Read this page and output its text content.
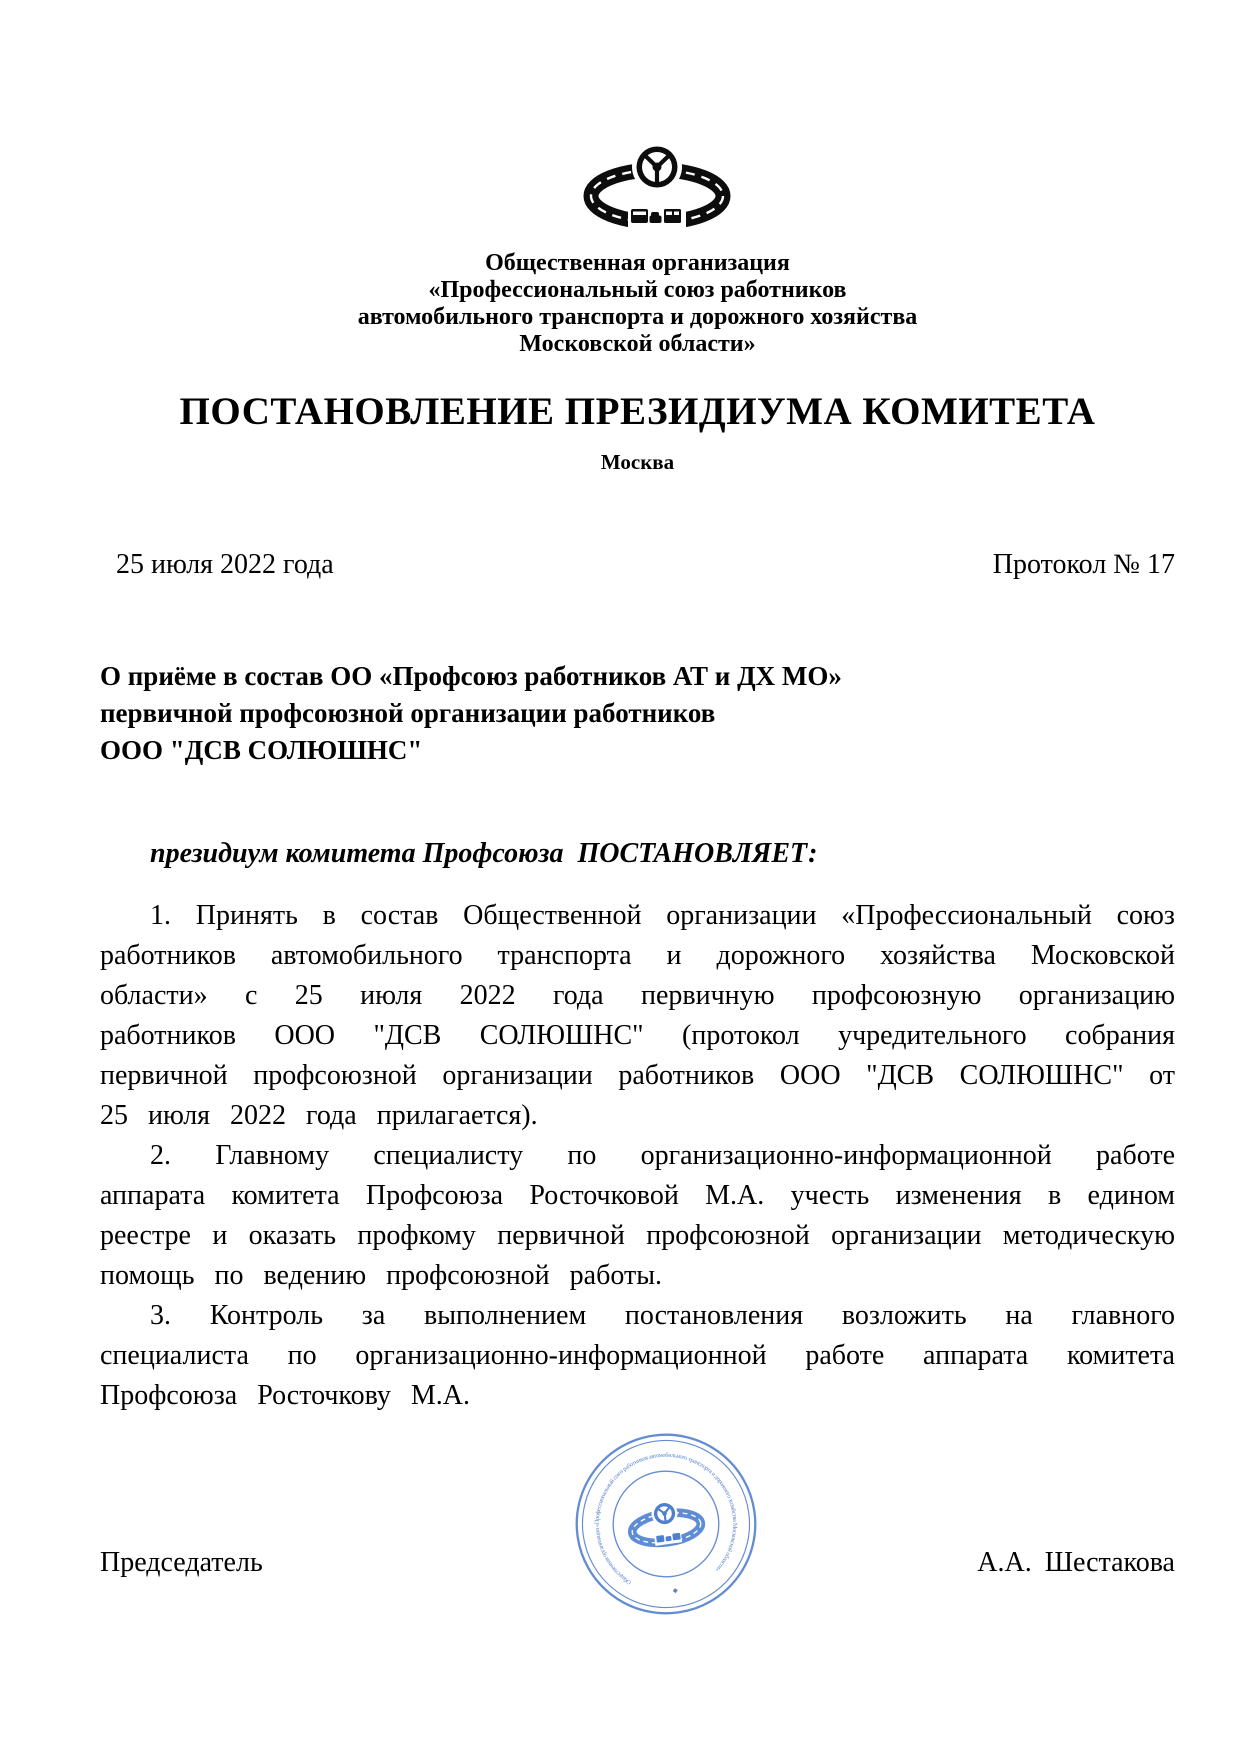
Общественная организация
«Профессиональный союз работников
автомобильного транспорта и дорожного хозяйства
Московской области»
ПОСТАНОВЛЕНИЕ ПРЕЗИДИУМА КОМИТЕТА
Москва
25 июля 2022 года	Протокол № 17
О приёме в состав ОО «Профсоюз работников АТ и ДХ МО»
первичной профсоюзной организации работников
ООО "ДСВ СОЛЮШНС"
президиум комитета Профсоюза  ПОСТАНОВЛЯЕТ:

1. Принять в состав Общественной организации «Профессиональный союз работников автомобильного транспорта и дорожного хозяйства Московской области» с 25 июля 2022 года первичную профсоюзную организацию работников ООО "ДСВ СОЛЮШНС" (протокол учредительного собрания первичной профсоюзной организации работников ООО "ДСВ СОЛЮШНС" от 25 июля 2022 года прилагается).

2. Главному специалисту по организационно-информационной работе аппарата комитета Профсоюза Росточковой М.А. учесть изменения в едином реестре и оказать профкому первичной профсоюзной организации методическую помощь по ведению профсоюзной работы.

3. Контроль за выполнением постановления возложить на главного специалиста по организационно-информационной работе аппарата комитета Профсоюза Росточкову М.А.

Председатель	А.А. Шестакова
Общественная организация «Профессиональный союз работников автомобильного транспорта и дорожного хозяйства Московской области»
◆
